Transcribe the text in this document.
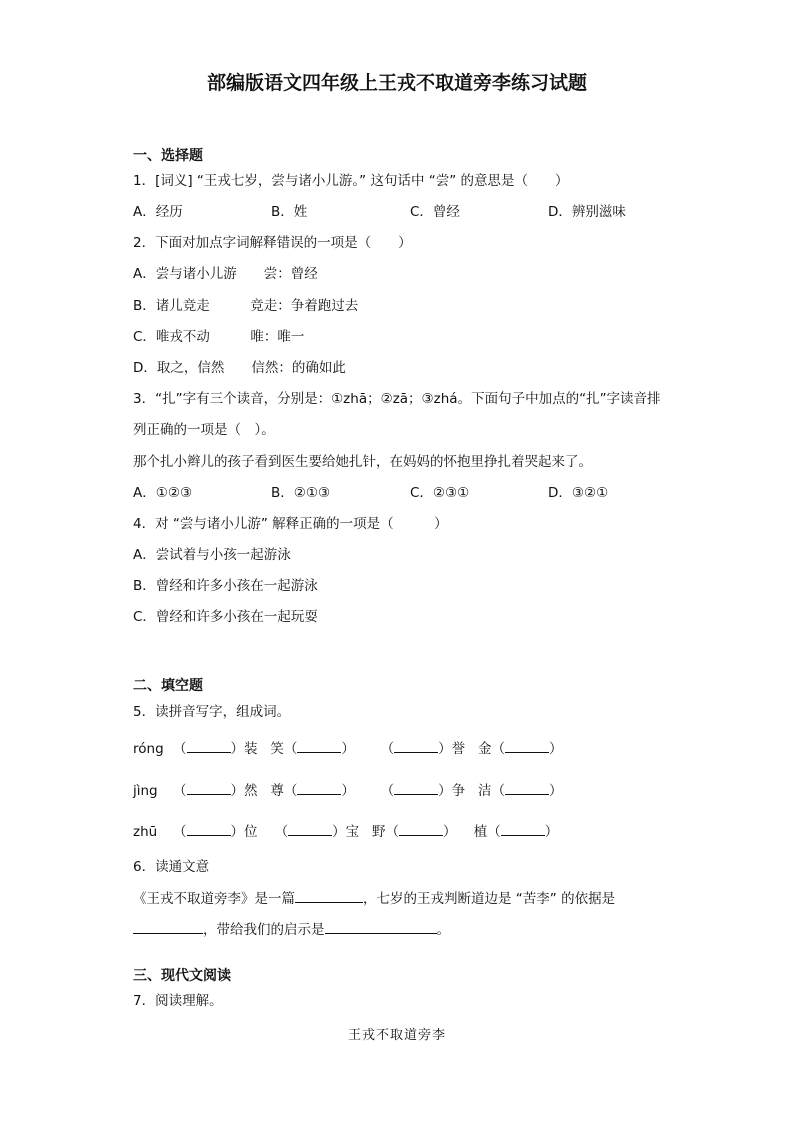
部编版语文四年级上王戎不取道旁李练习试题
一、选择题
1．[词义] “王戎七岁，尝与诸小儿游。” 这句话中 “尝” 的意思是（　　）
A．经历	B．姓	C．曾经	D．辨别滋味
2．下面对加点字词解释错误的一项是（　　）
A．尝与诸小儿游　　尝：曾经
B．诸儿竞走　　　竞走：争着跑过去
C．唯戎不动　　　唯：唯一
D．取之，信然　　信然：的确如此
3．“扎”字有三个读音，分别是：①zhā；②zā；③zhá。下面句子中加点的“扎”字读音排
列正确的一项是（　）。
那个扎小辫儿的孩子看到医生要给她扎针，在妈妈的怀抱里挣扎着哭起来了。
A．①②③	B．②①③	C．②③①	D．③②①
4．对 “尝与诸小儿游” 解释正确的一项是（　　　）
A．尝试着与小孩一起游泳
B．曾经和许多小孩在一起游泳
C．曾经和许多小孩在一起玩耍
二、填空题
5．读拼音写字，组成词。
róng （	）装 笑（	）      （	）誉 金（	）
jìng （	）然 尊（	）      （	）争 洁（	）
zhū （	）位    （	）宝 野（	）    植（	）
6．读通文意
《王戎不取道旁李》是一篇	，七岁的王戎判断道边是 “苦李” 的依据是
，带给我们的启示是	。
三、现代文阅读
7．阅读理解。
王戎不取道旁李
